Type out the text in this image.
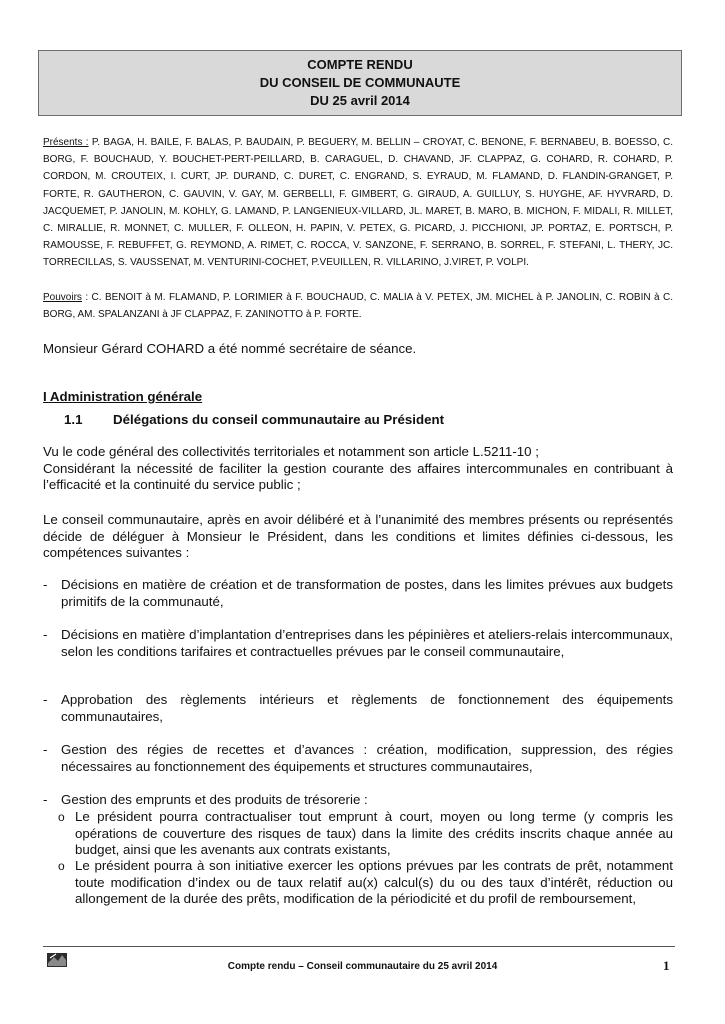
COMPTE RENDU
DU CONSEIL DE COMMUNAUTE
DU 25 avril 2014
Présents : P. BAGA, H. BAILE, F. BALAS, P. BAUDAIN, P. BEGUERY, M. BELLIN – CROYAT, C. BENONE, F. BERNABEU, B. BOESSO, C. BORG, F. BOUCHAUD, Y. BOUCHET-PERT-PEILLARD, B. CARAGUEL, D. CHAVAND, JF. CLAPPAZ, G. COHARD, R. COHARD, P. CORDON, M. CROUTEIX, I. CURT, JP. DURAND, C. DURET, C. ENGRAND, S. EYRAUD, M. FLAMAND, D. FLANDIN-GRANGET, P. FORTE, R. GAUTHERON, C. GAUVIN, V. GAY, M. GERBELLI, F. GIMBERT, G. GIRAUD, A. GUILLUY, S. HUYGHE, AF. HYVRARD, D. JACQUEMET, P. JANOLIN, M. KOHLY, G. LAMAND, P. LANGENIEUX-VILLARD, JL. MARET, B. MARO, B. MICHON, F. MIDALI, R. MILLET, C. MIRALLIE, R. MONNET, C. MULLER, F. OLLEON, H. PAPIN, V. PETEX, G. PICARD, J. PICCHIONI, JP. PORTAZ, E. PORTSCH, P. RAMOUSSE, F. REBUFFET, G. REYMOND, A. RIMET, C. ROCCA, V. SANZONE, F. SERRANO, B. SORREL, F. STEFANI, L. THERY, JC. TORRECILLAS, S. VAUSSENAT, M. VENTURINI-COCHET, P.VEUILLEN, R. VILLARINO, J.VIRET, P. VOLPI.
Pouvoirs : C. BENOIT à M. FLAMAND, P. LORIMIER à F. BOUCHAUD, C. MALIA à V. PETEX, JM. MICHEL à P. JANOLIN, C. ROBIN à C. BORG, AM. SPALANZANI à JF CLAPPAZ, F. ZANINOTTO à P. FORTE.
Monsieur Gérard COHARD a été nommé secrétaire de séance.
I Administration générale
1.1 Délégations du conseil communautaire au Président
Vu le code général des collectivités territoriales et notamment son article L.5211-10 ;
Considérant la nécessité de faciliter la gestion courante des affaires intercommunales en contribuant à l’efficacité et la continuité du service public ;
Le conseil communautaire, après en avoir délibéré et à l’unanimité des membres présents ou représentés décide de déléguer à Monsieur le Président, dans les conditions et limites définies ci-dessous, les compétences suivantes :
- Décisions en matière de création et de transformation de postes, dans les limites prévues aux budgets primitifs de la communauté,
- Décisions en matière d’implantation d’entreprises dans les pépinières et ateliers-relais intercommunaux, selon les conditions tarifaires et contractuelles prévues par le conseil communautaire,
- Approbation des règlements intérieurs et règlements de fonctionnement des équipements communautaires,
- Gestion des régies de recettes et d’avances : création, modification, suppression, des régies nécessaires au fonctionnement des équipements et structures communautaires,
- Gestion des emprunts et des produits de trésorerie :
o Le président pourra contractualiser tout emprunt à court, moyen ou long terme (y compris les opérations de couverture des risques de taux) dans la limite des crédits inscrits chaque année au budget, ainsi que les avenants aux contrats existants,
o Le président pourra à son initiative exercer les options prévues par les contrats de prêt, notamment toute modification d’index ou de taux relatif au(x) calcul(s) du ou des taux d’intérêt, réduction ou allongement de la durée des prêts, modification de la périodicité et du profil de remboursement,
Compte rendu – Conseil communautaire du 25 avril 2014	1
